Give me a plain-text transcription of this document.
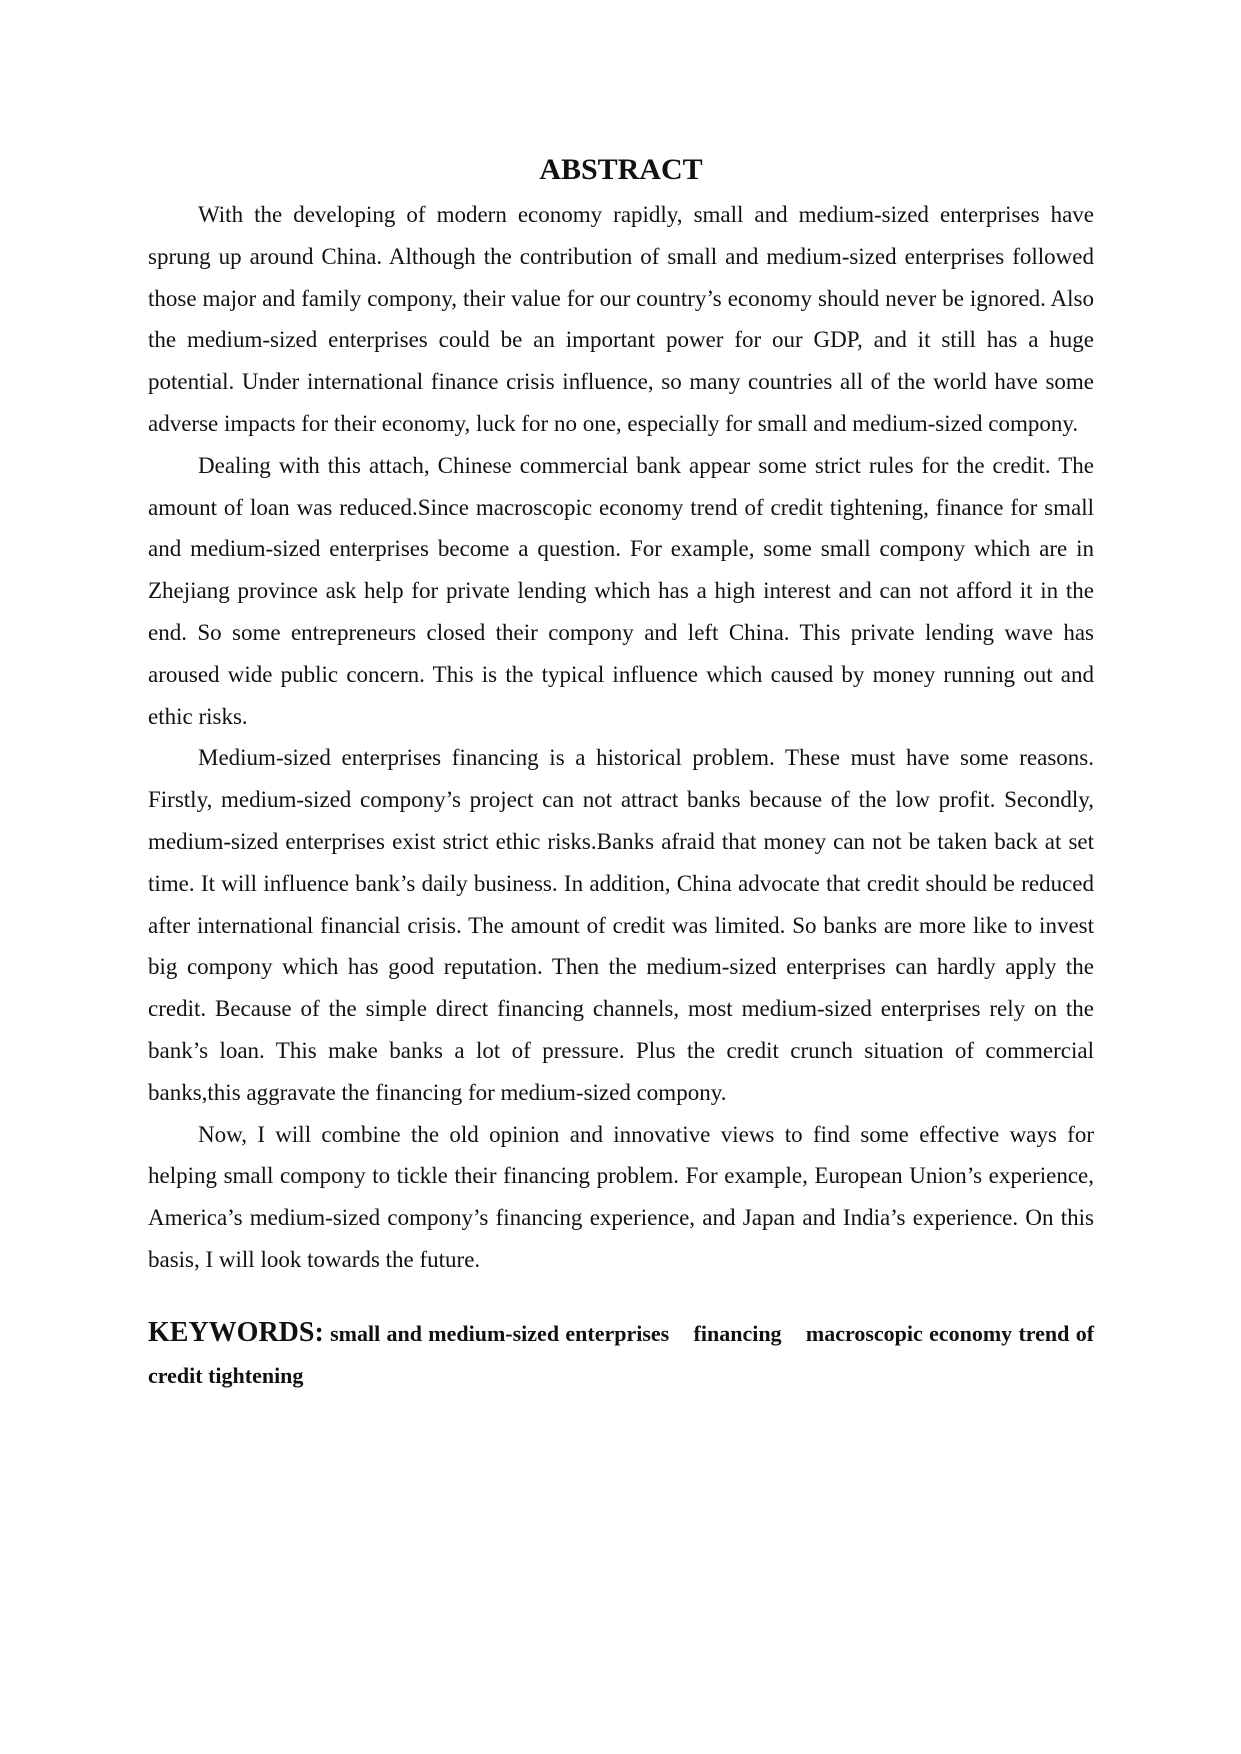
ABSTRACT

With the developing of modern economy rapidly, small and medium-sized enterprises have sprung up around China. Although the contribution of small and medium-sized enterprises followed those major and family compony, their value for our country’s economy should never be ignored. Also the medium-sized enterprises could be an important power for our GDP, and it still has a huge potential. Under international finance crisis influence, so many countries all of the world have some adverse impacts for their economy, luck for no one, especially for small and medium-sized compony.

Dealing with this attach, Chinese commercial bank appear some strict rules for the credit. The amount of loan was reduced.Since macroscopic economy trend of credit tightening, finance for small and medium-sized enterprises become a question. For example, some small compony which are in Zhejiang province ask help for private lending which has a high interest and can not afford it in the end. So some entrepreneurs closed their compony and left China. This private lending wave has aroused wide public concern. This is the typical influence which caused by money running out and ethic risks.

Medium-sized enterprises financing is a historical problem. These must have some reasons. Firstly, medium-sized compony’s project can not attract banks because of the low profit. Secondly, medium-sized enterprises exist strict ethic risks.Banks afraid that money can not be taken back at set time. It will influence bank’s daily business. In addition, China advocate that credit should be reduced after international financial crisis. The amount of credit was limited. So banks are more like to invest big compony which has good reputation. Then the medium-sized enterprises can hardly apply the credit. Because of the simple direct financing channels, most medium-sized enterprises rely on the bank’s loan. This make banks a lot of pressure. Plus the credit crunch situation of commercial banks,this aggravate the financing for medium-sized compony.

Now, I will combine the old opinion and innovative views to find some effective ways for helping small compony to tickle their financing problem. For example, European Union’s experience, America’s medium-sized compony’s financing experience, and Japan and India’s experience. On this basis, I will look towards the future.

KEYWORDS: small and medium-sized enterprises financing macroscopic economy trend of credit tightening
